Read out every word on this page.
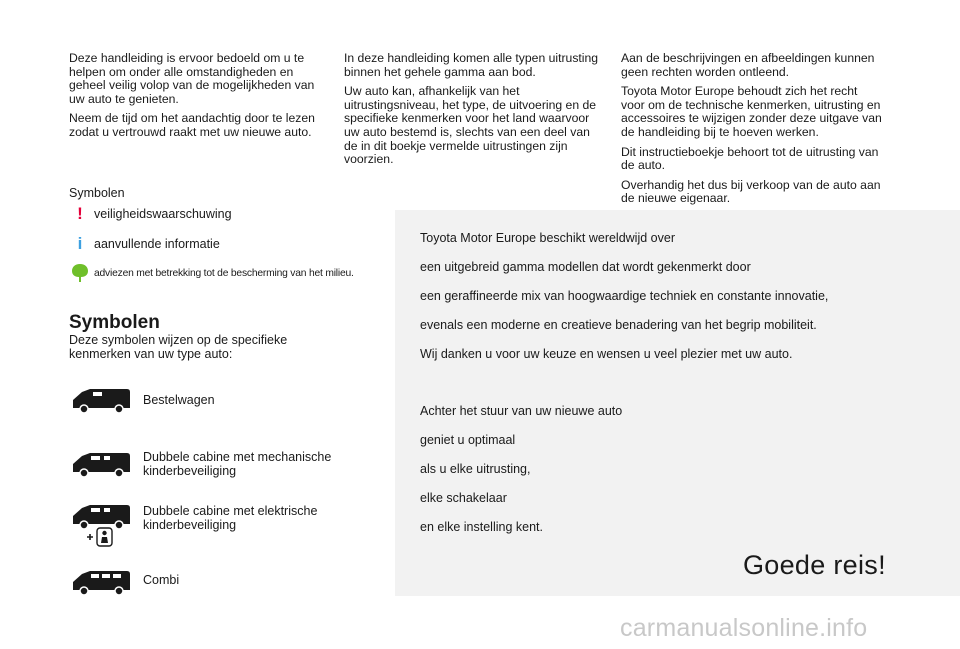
Deze handleiding is ervoor bedoeld om u te helpen om onder alle omstandigheden en geheel veilig volop van de mogelijkheden van uw auto te genieten.

Neem de tijd om het aandachtig door te lezen zodat u vertrouwd raakt met uw nieuwe auto.

In deze handleiding komen alle typen uitrusting binnen het gehele gamma aan bod.

Uw auto kan, afhankelijk van het uitrustingsniveau, het type, de uitvoering en de specifieke kenmerken voor het land waarvoor uw auto bestemd is, slechts van een deel van de in dit boekje vermelde uitrustingen zijn voorzien.

Aan de beschrijvingen en afbeeldingen kunnen geen rechten worden ontleend.

Toyota Motor Europe behoudt zich het recht voor om de technische kenmerken, uitrusting en accessoires te wijzigen zonder deze uitgave van de handleiding bij te hoeven werken.

Dit instructieboekje behoort tot de uitrusting van de auto.

Overhandig het dus bij verkoop van de auto aan de nieuwe eigenaar.

Symbolen
! veiligheidswaarschuwing
i aanvullende informatie
adviezen met betrekking tot de bescherming van het milieu.
Symbolen
Deze symbolen wijzen op de specifieke kenmerken van uw type auto:
Bestelwagen
Dubbele cabine met mechanische kinderbeveiliging
Dubbele cabine met elektrische kinderbeveiliging
Combi
Toyota Motor Europe beschikt wereldwijd over
een uitgebreid gamma modellen dat wordt gekenmerkt door
een geraffineerde mix van hoogwaardige techniek en constante innovatie,
evenals een moderne en creatieve benadering van het begrip mobiliteit.
Wij danken u voor uw keuze en wensen u veel plezier met uw auto.
Achter het stuur van uw nieuwe auto
geniet u optimaal
als u elke uitrusting,
elke schakelaar
en elke instelling kent.
Goede reis!
carmanualsonline.info
